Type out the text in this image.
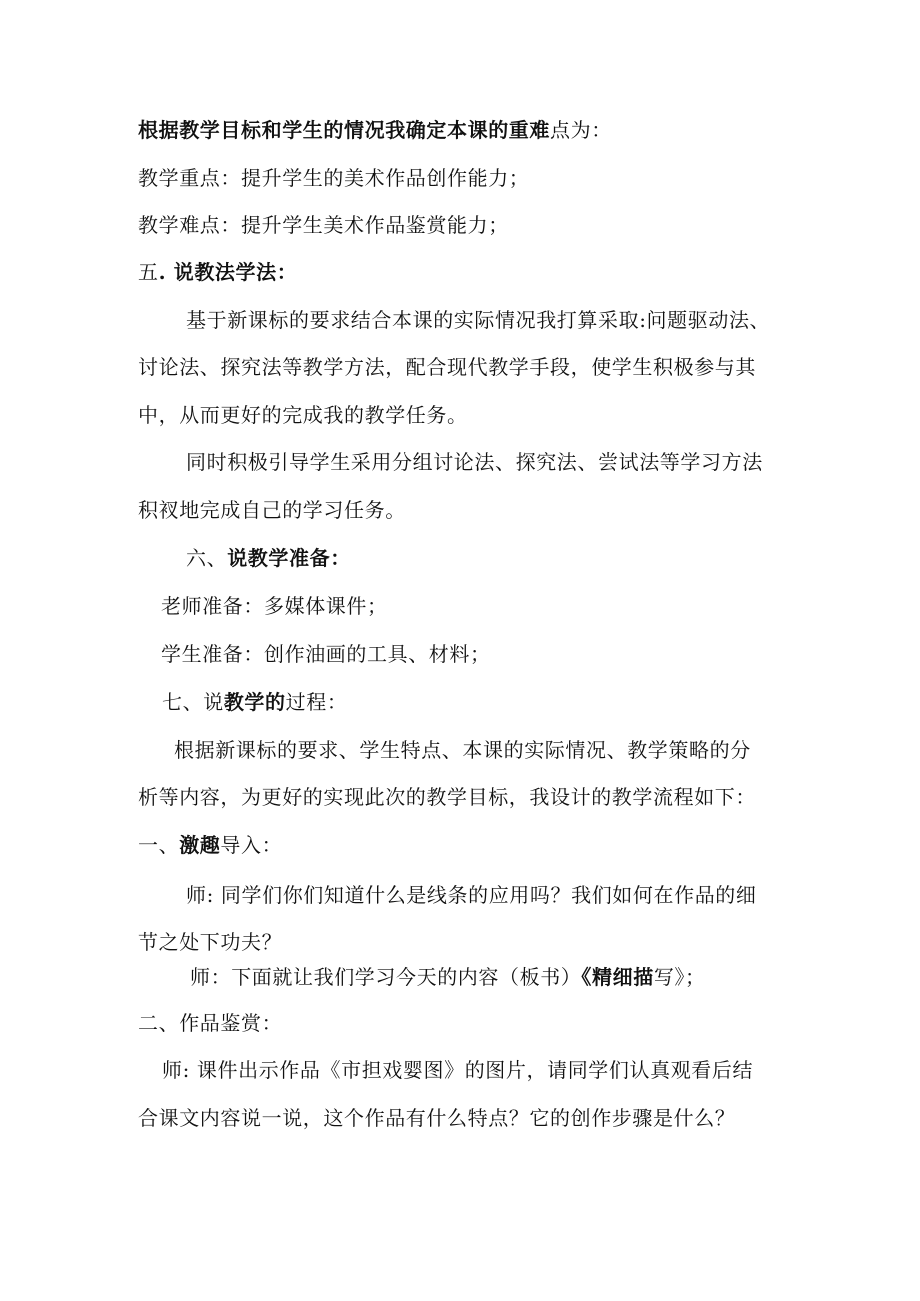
根据教学目标和学生的情况我确定本课的重难点为：
教学重点：提升学生的美术作品创作能力；
教学难点：提升学生美术作品鉴赏能力；
五. 说教法学法：
基于新课标的要求结合本课的实际情况我打算采取:问题驱动法、
讨论法、探究法等教学方法，配合现代教学手段，使学生积极参与其
中，从而更好的完成我的教学任务。
同时积极引导学生采用分组讨论法、探究法、尝试法等学习方法
积衩地完成自己的学习任务。
六、说教学准备：
老师准备：多媒体课件；
学生准备：创作油画的工具、材料；
七、说教学的过程：
根据新课标的要求、学生特点、本课的实际情况、教学策略的分
析等内容，为更好的实现此次的教学目标，我设计的教学流程如下：
一、激趣导入：
师: 同学们你们知道什么是线条的应用吗？我们如何在作品的细
节之处下功夫？
师：下面就让我们学习今天的内容（板书）《精细描写》；
二、作品鉴赏：
师: 课件出示作品《市担戏婴图》的图片，请同学们认真观看后结
合课文内容说一说，这个作品有什么特点？它的创作步骤是什么？
